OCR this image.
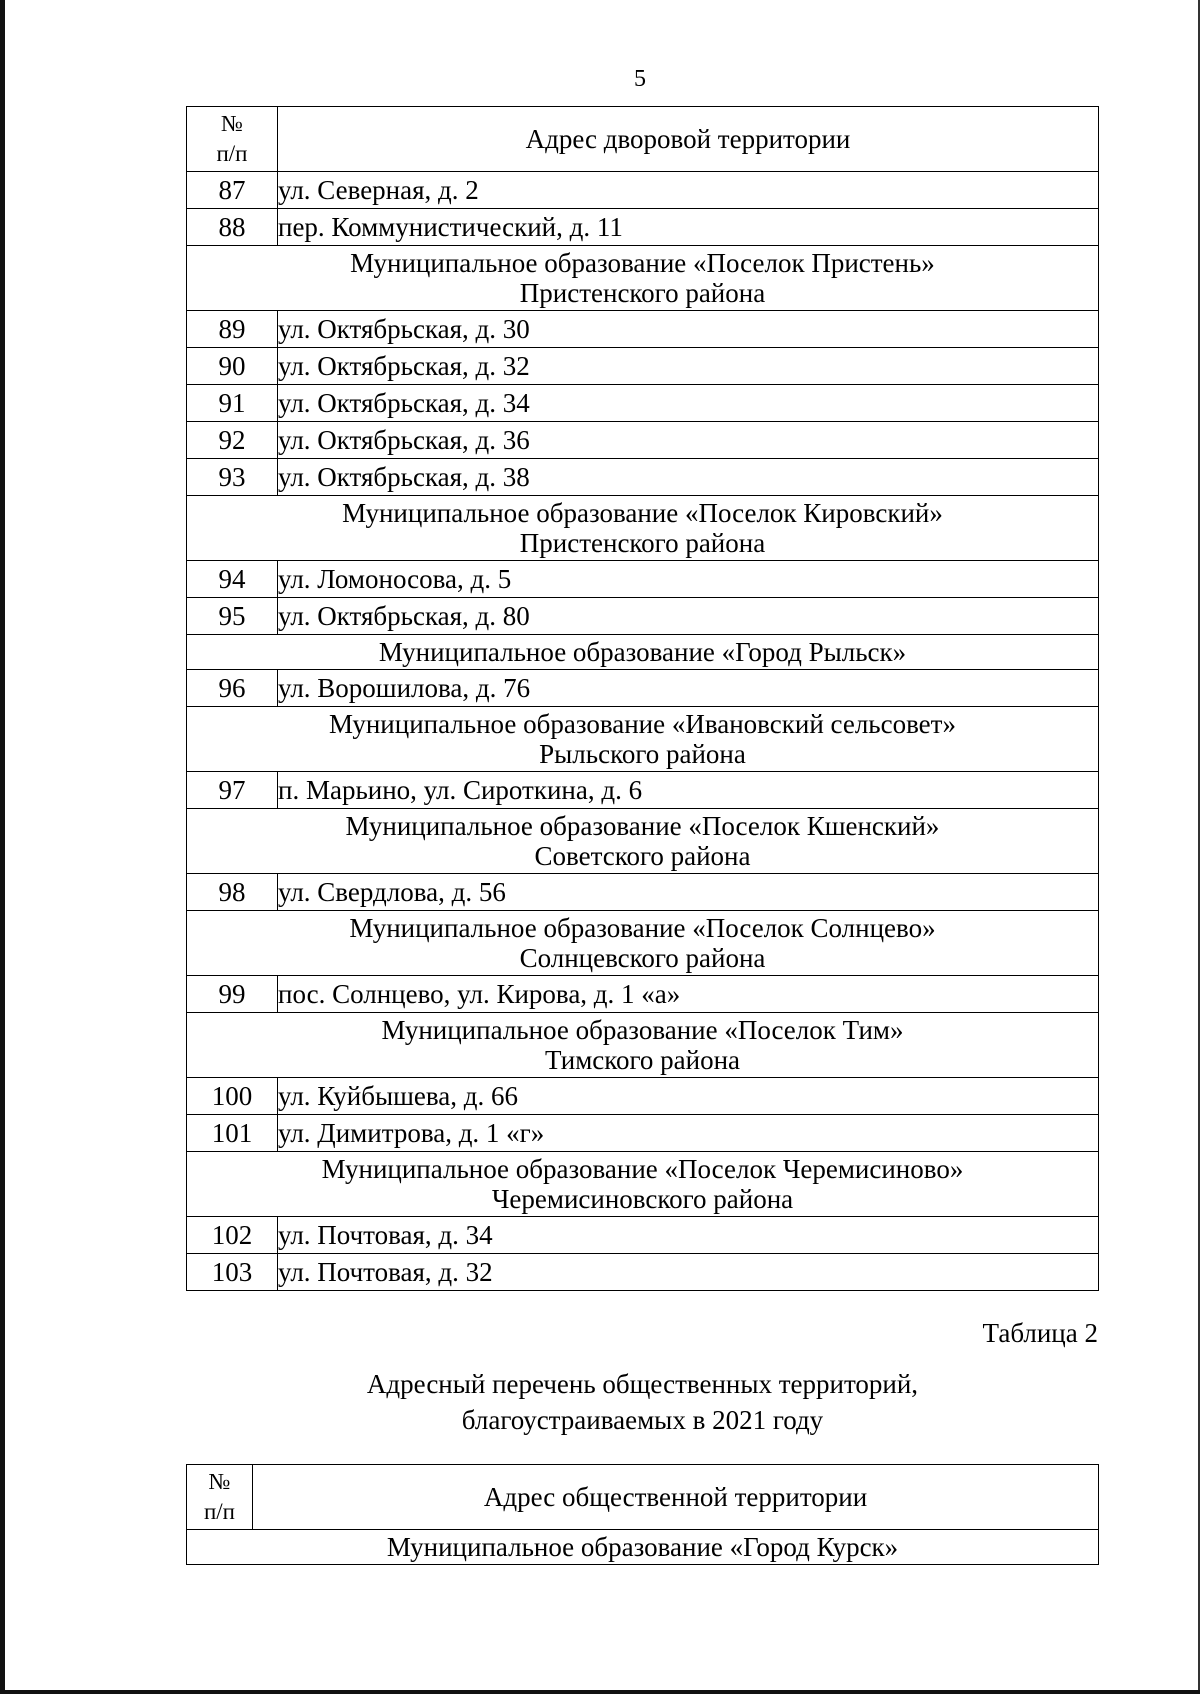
5
№
п/п	Адрес дворовой территории
87	ул. Северная, д. 2
88	пер. Коммунистический, д. 11
Муниципальное образование «Поселок Пристень»
Пристенского района	
89	ул. Октябрьская, д. 30
90	ул. Октябрьская, д. 32
91	ул. Октябрьская, д. 34
92	ул. Октябрьская, д. 36
93	ул. Октябрьская, д. 38
Муниципальное образование «Поселок Кировский»
Пристенского района	
94	ул. Ломоносова, д. 5
95	ул. Октябрьская, д. 80
Муниципальное образование «Город Рыльск»	
96	ул. Ворошилова, д. 76
Муниципальное образование «Ивановский сельсовет»
Рыльского района	
97	п. Марьино, ул. Сироткина, д. 6
Муниципальное образование «Поселок Кшенский»
Советского района	
98	ул. Свердлова, д. 56
Муниципальное образование «Поселок Солнцево»
Солнцевского района	
99	пос. Солнцево, ул. Кирова, д. 1 «а»
Муниципальное образование «Поселок Тим»
Тимского района	
100	ул. Куйбышева, д. 66
101	ул. Димитрова, д. 1 «г»
Муниципальное образование «Поселок Черемисиново»
Черемисиновского района	
102	ул. Почтовая, д. 34
103	ул. Почтовая, д. 32
Таблица 2
Адресный перечень общественных территорий,
благоустраиваемых в 2021 году
№
п/п	Адрес общественной территории
Муниципальное образование «Город Курск»
